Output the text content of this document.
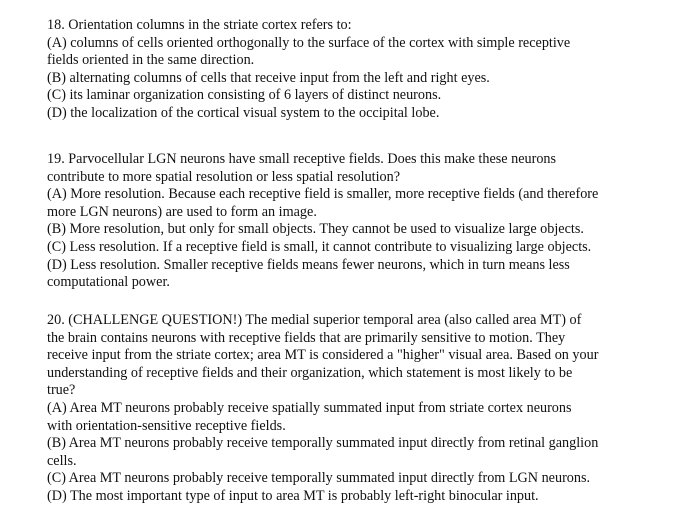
18. Orientation columns in the striate cortex refers to:
(A) columns of cells oriented orthogonally to the surface of the cortex with simple receptive
fields oriented in the same direction.
(B) alternating columns of cells that receive input from the left and right eyes.
(C) its laminar organization consisting of 6 layers of distinct neurons.
(D) the localization of the cortical visual system to the occipital lobe.
19. Parvocellular LGN neurons have small receptive fields. Does this make these neurons
contribute to more spatial resolution or less spatial resolution?
(A) More resolution. Because each receptive field is smaller, more receptive fields (and therefore
more LGN neurons) are used to form an image.
(B) More resolution, but only for small objects. They cannot be used to visualize large objects.
(C) Less resolution. If a receptive field is small, it cannot contribute to visualizing large objects.
(D) Less resolution. Smaller receptive fields means fewer neurons, which in turn means less
computational power.
20. (CHALLENGE QUESTION!) The medial superior temporal area (also called area MT) of
the brain contains neurons with receptive fields that are primarily sensitive to motion. They
receive input from the striate cortex; area MT is considered a "higher" visual area. Based on your
understanding of receptive fields and their organization, which statement is most likely to be
true?
(A) Area MT neurons probably receive spatially summated input from striate cortex neurons
with orientation-sensitive receptive fields.
(B) Area MT neurons probably receive temporally summated input directly from retinal ganglion
cells.
(C) Area MT neurons probably receive temporally summated input directly from LGN neurons.
(D) The most important type of input to area MT is probably left-right binocular input.
